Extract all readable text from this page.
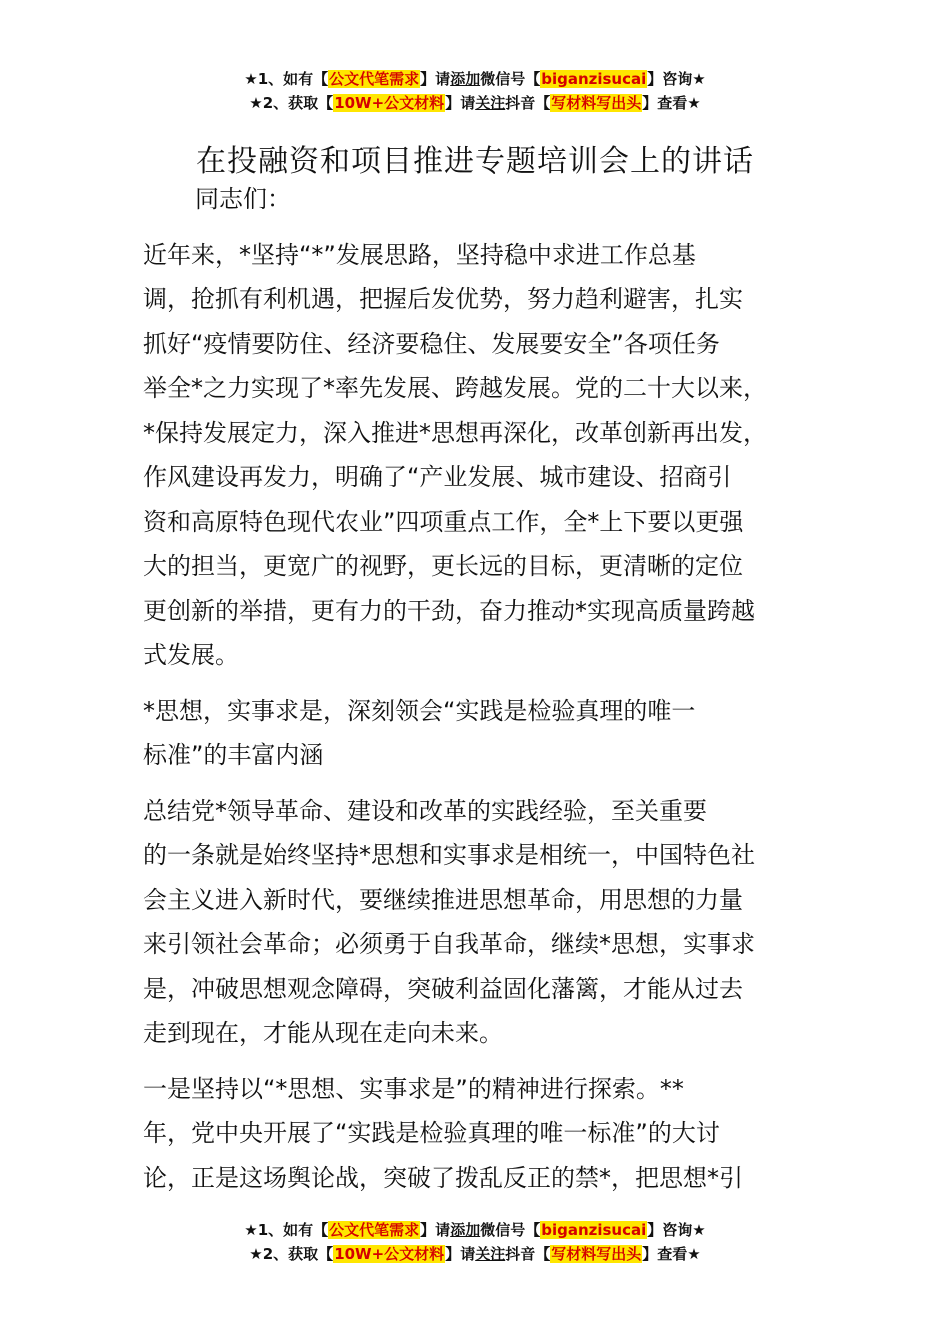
★1、如有【公文代笔需求】请添加微信号【biganzisucai】咨询★
★2、获取【10W+公文材料】请关注抖音【写材料写出头】查看★
在投融资和项目推进专题培训会上的讲话

同志们：

近年来，*坚持“*”发展思路，坚持稳中求进工作总基
调，抢抓有利机遇，把握后发优势，努力趋利避害，扎实
抓好“疫情要防住、经济要稳住、发展要安全”各项任务
举全*之力实现了*率先发展、跨越发展。党的二十大以来，
*保持发展定力，深入推进*思想再深化，改革创新再出发，
作风建设再发力，明确了“产业发展、城市建设、招商引
资和高原特色现代农业”四项重点工作，全*上下要以更强
大的担当，更宽广的视野，更长远的目标，更清晰的定位
更创新的举措，更有力的干劲，奋力推动*实现高质量跨越
式发展。

*思想，实事求是，深刻领会“实践是检验真理的唯一
标准”的丰富内涵

总结党*领导革命、建设和改革的实践经验，至关重要
的一条就是始终坚持*思想和实事求是相统一，中国特色社
会主义进入新时代，要继续推进思想革命，用思想的力量
来引领社会革命；必须勇于自我革命，继续*思想，实事求
是，冲破思想观念障碍，突破利益固化藩篱，才能从过去
走到现在，才能从现在走向未来。

一是坚持以“*思想、实事求是”的精神进行探索。**
年，党中央开展了“实践是检验真理的唯一标准”的大讨
论，正是这场舆论战，突破了拨乱反正的禁*，把思想*引

★1、如有【公文代笔需求】请添加微信号【biganzisucai】咨询★
★2、获取【10W+公文材料】请关注抖音【写材料写出头】查看★
